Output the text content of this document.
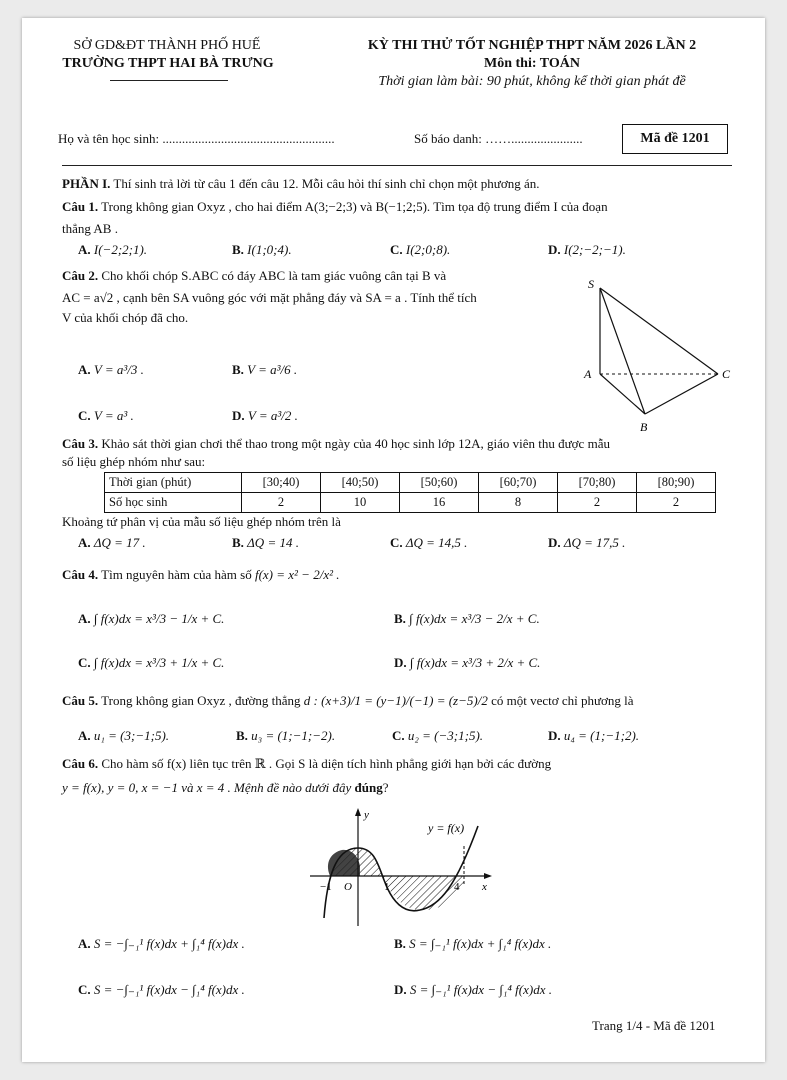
SỞ GD&ĐT THÀNH PHỐ HUẾ
TRƯỜNG THPT HAI BÀ TRƯNG
KỲ THI THỬ TỐT NGHIỆP THPT NĂM 2026 LẦN 2
Môn thi: TOÁN
Thời gian làm bài: 90 phút, không kể thời gian phát đề
Họ và tên học sinh: .....................................................	Số báo danh: ……......................	Mã đề 1201
PHẦN I. Thí sinh trả lời từ câu 1 đến câu 12. Mỗi câu hỏi thí sinh chỉ chọn một phương án.
Câu 1. Trong không gian Oxyz , cho hai điểm A(3;−2;3) và B(−1;2;5). Tìm tọa độ trung điểm I của đoạn
thẳng AB .
A. I(−2;2;1).	B. I(1;0;4).	C. I(2;0;8).	D. I(2;−2;−1).
Câu 2. Cho khối chóp S.ABC có đáy ABC là tam giác vuông cân tại B và
AC = a√2 , cạnh bên SA vuông góc với mặt phẳng đáy và SA = a . Tính thể tích
V của khối chóp đã cho.
A. V = a³/3 .	B. V = a³/6 .
C. V = a³ .	D. V = a³/2 .
S
A
B
C
Câu 3. Khảo sát thời gian chơi thể thao trong một ngày của 40 học sinh lớp 12A, giáo viên thu được mẫu
số liệu ghép nhóm như sau:
Thời gian (phút)	[30;40)	[40;50)	[50;60)	[60;70)	[70;80)	[80;90)
Số học sinh	2	10	16	8	2	2
Khoảng tứ phân vị của mẫu số liệu ghép nhóm trên là
A. ΔQ = 17 .	B. ΔQ = 14 .	C. ΔQ = 14,5 .	D. ΔQ = 17,5 .
Câu 4. Tìm nguyên hàm của hàm số f(x) = x² − 2/x² .
A. ∫ f(x)dx = x³/3 − 1/x + C.	B. ∫ f(x)dx = x³/3 − 2/x + C.
C. ∫ f(x)dx = x³/3 + 1/x + C.	D. ∫ f(x)dx = x³/3 + 2/x + C.
Câu 5. Trong không gian Oxyz , đường thẳng d : (x+3)/1 = (y−1)/(−1) = (z−5)/2 có một vectơ chỉ phương là
A. u₁ = (3;−1;5).	B. u₃ = (1;−1;−2).	C. u₂ = (−3;1;5).	D. u₄ = (1;−1;2).
Câu 6. Cho hàm số f(x) liên tục trên ℝ . Gọi S là diện tích hình phẳng giới hạn bởi các đường
y = f(x), y = 0, x = −1 và x = 4 . Mệnh đề nào dưới đây đúng?
y
y = f(x)
−1 O	1	4 x
A. S = −∫₋₁¹ f(x)dx + ∫₁⁴ f(x)dx .	B. S = ∫₋₁¹ f(x)dx + ∫₁⁴ f(x)dx .
C. S = −∫₋₁¹ f(x)dx − ∫₁⁴ f(x)dx .	D. S = ∫₋₁¹ f(x)dx − ∫₁⁴ f(x)dx .
Trang 1/4 - Mã đề 1201
